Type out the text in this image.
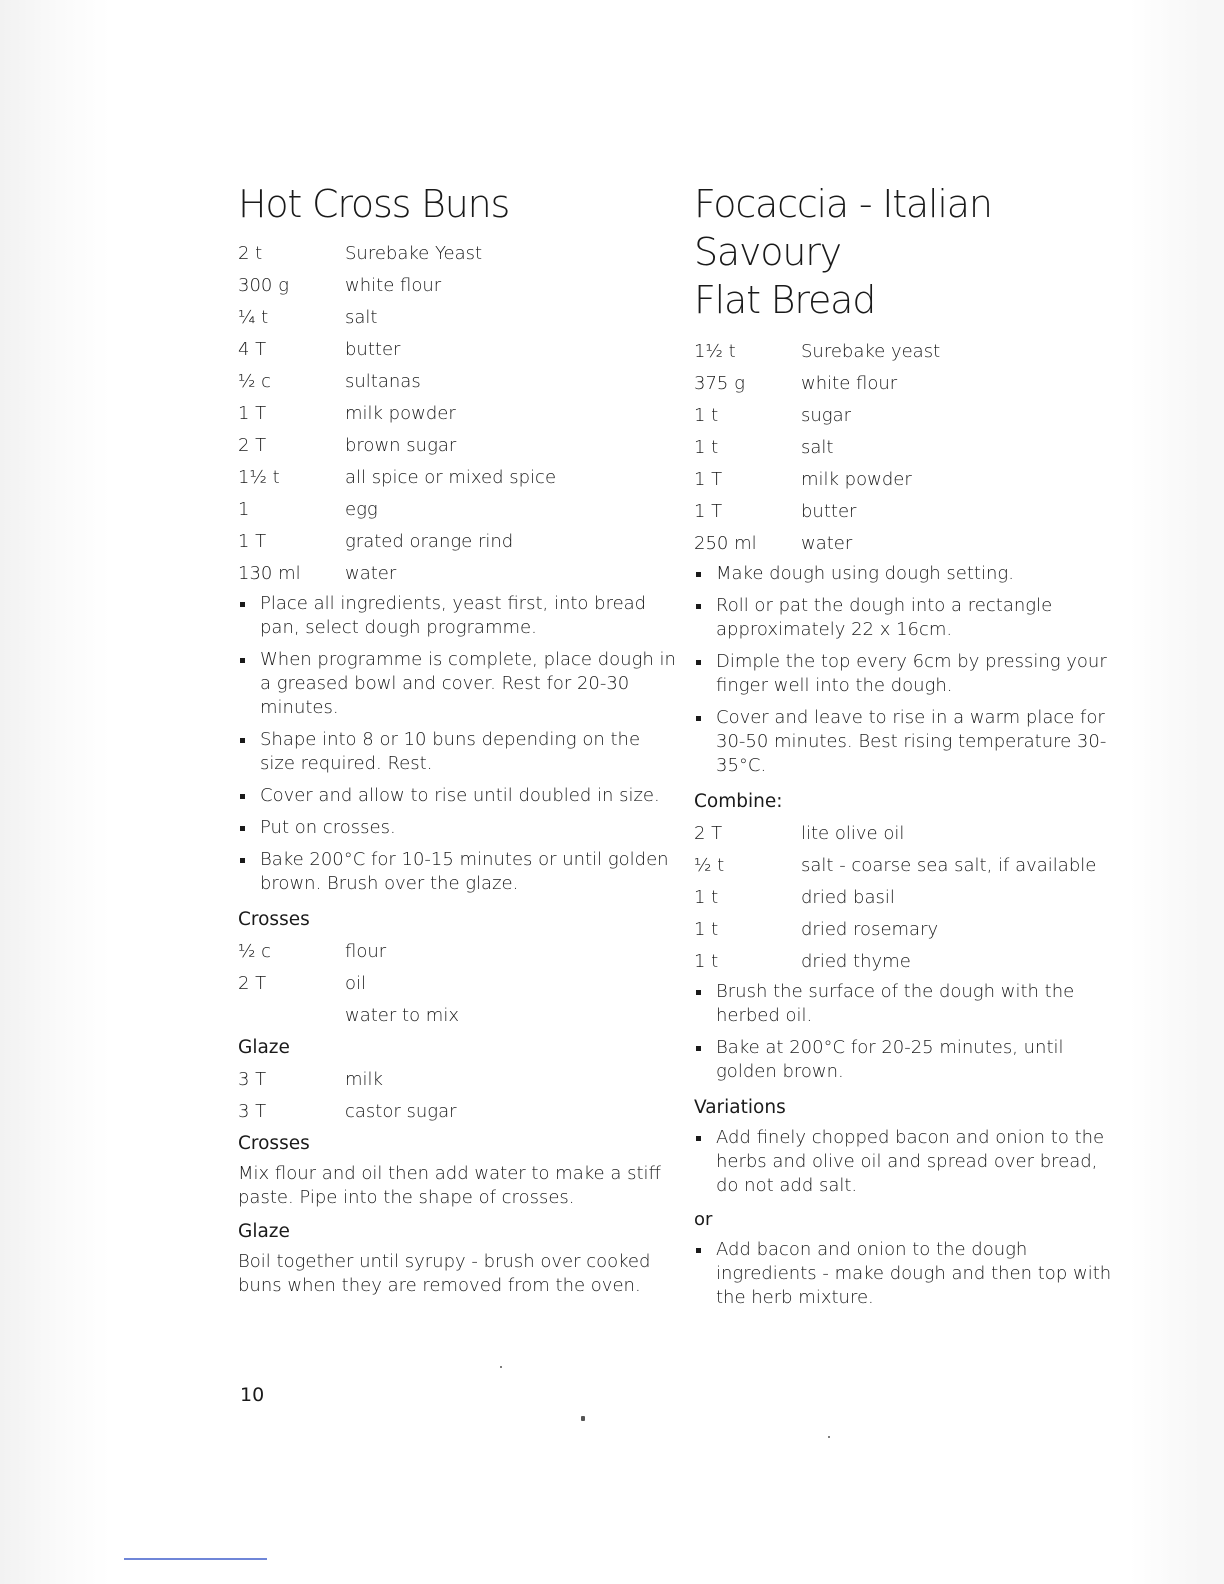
Hot Cross Buns
2 t	Surebake Yeast
300 g	white flour
¼ t	salt
4 T	butter
½ c	sultanas
1 T	milk powder
2 T	brown sugar
1½ t	all spice or mixed spice
1	egg
1 T	grated orange rind
130 ml	water
Place all ingredients, yeast first, into bread pan, select dough programme.
When programme is complete, place dough in a greased bowl and cover. Rest for 20-30 minutes.
Shape into 8 or 10 buns depending on the size required. Rest.
Cover and allow to rise until doubled in size.
Put on crosses.
Bake 200°C for 10-15 minutes or until golden brown. Brush over the glaze.
Crosses
½ c	flour
2 T	oil
water to mix
Glaze
3 T	milk
3 T	castor sugar
Crosses

Mix flour and oil then add water to make a stiff paste. Pipe into the shape of crosses.

Glaze

Boil together until syrupy - brush over cooked buns when they are removed from the oven.

Focaccia - Italian Savoury
Flat Bread
1½ t	Surebake yeast
375 g	white flour
1 t	sugar
1 t	salt
1 T	milk powder
1 T	butter
250 ml	water
Make dough using dough setting.
Roll or pat the dough into a rectangle approximately 22 x 16cm.
Dimple the top every 6cm by pressing your finger well into the dough.
Cover and leave to rise in a warm place for 30-50 minutes. Best rising temperature 30-35°C.
Combine:
2 T	lite olive oil
½ t	salt - coarse sea salt, if available
1 t	dried basil
1 t	dried rosemary
1 t	dried thyme
Brush the surface of the dough with the herbed oil.
Bake at 200°C for 20-25 minutes, until golden brown.
Variations
Add finely chopped bacon and onion to the herbs and olive oil and spread over bread, do not add salt.
or
Add bacon and onion to the dough ingredients - make dough and then top with the herb mixture.
10
